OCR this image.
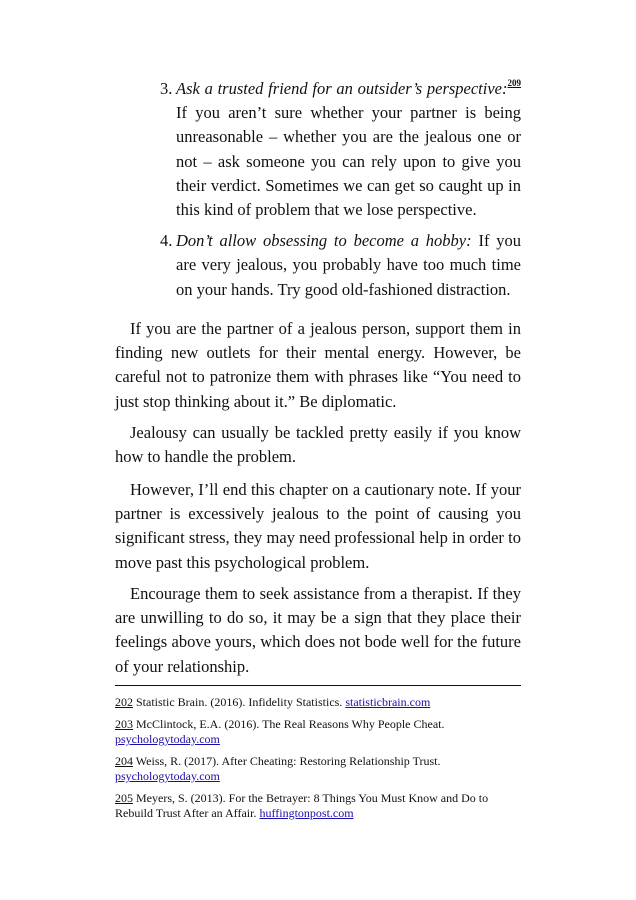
3. Ask a trusted friend for an outsider’s perspective:$^{209}$ If you aren’t sure whether your partner is being unreasonable – whether you are the jealous one or not – ask someone you can rely upon to give you their verdict. Sometimes we can get so caught up in this kind of problem that we lose perspective.
4. Don’t allow obsessing to become a hobby: If you are very jealous, you probably have too much time on your hands. Try good old-fashioned distraction.

If you are the partner of a jealous person, support them in finding new outlets for their mental energy. However, be careful not to patronize them with phrases like “You need to just stop thinking about it.” Be diplomatic.

Jealousy can usually be tackled pretty easily if you know how to handle the problem.

However, I’ll end this chapter on a cautionary note. If your partner is excessively jealous to the point of causing you significant stress, they may need professional help in order to move past this psychological problem.

Encourage them to seek assistance from a therapist. If they are unwilling to do so, it may be a sign that they place their feelings above yours, which does not bode well for the future of your relationship.

202 Statistic Brain. (2016). Infidelity Statistics. statisticbrain.com

203 McClintock, E.A. (2016). The Real Reasons Why People Cheat. psychologytoday.com

204 Weiss, R. (2017). After Cheating: Restoring Relationship Trust. psychologytoday.com

205 Meyers, S. (2013). For the Betrayer: 8 Things You Must Know and Do to Rebuild Trust After an Affair. huffingtonpost.com
